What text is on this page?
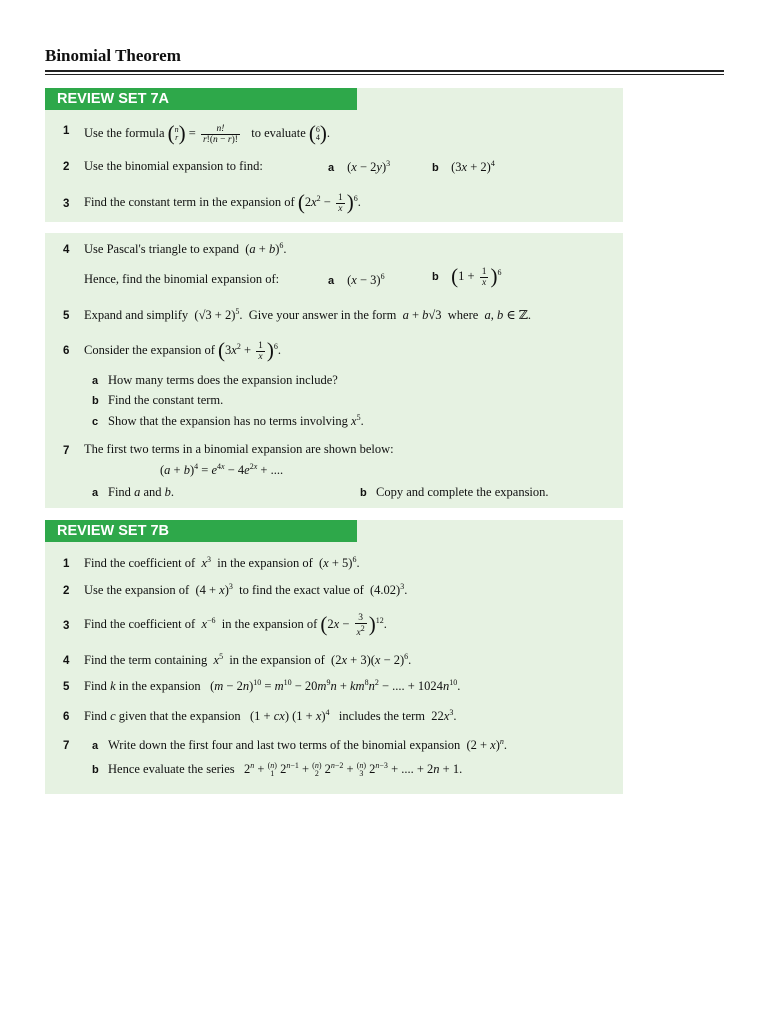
Binomial Theorem
REVIEW SET 7A
REVIEW SET 7B
1 Use the formula (n
$r) = \frac{n!}{r!(n - r)!}$ to evaluate (6
4).
2 Use the binomial expansion to find:	a $(x - 2y)^3$	b $(3x + 2)^4$
3 Find the constant term in the expansion of $(2x^2 - \frac{1}{x} )^6$.
4 Use Pascal's triangle to expand  $(a + b)^6$.
Hence, find the binomial expansion of:	a $(x - 3)^6$	b $(1 + \frac{1}{x} )^6$
5 Expand and simplify  $(√3 + 2)^5$.  Give your answer in the form a + b√3  where a, b ∈ ℤ.
6 Consider the expansion of $(3x^2 + \frac{1}{x} )^6$.
a How many terms does the expansion include?
b Find the constant term.
c Show that the expansion has no terms involving $x^5$.
7 The first two terms in a binomial expansion are shown below:
$(a + b)^4 = e^{4x} - 4e^{2x}$ + ....
a Find a and b.	b Copy and complete the expansion.
1 Find the coefficient of $x^3$ in the expansion of  $(x + 5)^6$.
2 Use the expansion of  $(4 + x)^3$ to find the exact value of  $(4.02)^3$.
3 Find the coefficient of $x^{-6}$ in the expansion of $(2x - \frac{3}{x^2} )^{12}$.
4 Find the term containing $x^5$ in the expansion of  $(2x + 3)(x - 2)^6$.
5 Find k in the expansion   $(m - 2n)^{10} = m^{10} - 20m^9n + km^8n^2$ − .... + $1024n^{10}$.
6 Find c given that the expansion   (1 + cx) $(1 + x)^4$ includes the term  $22x^3$.
7 a Write down the first four and last two terms of the binomial expansion  $(2 + x)^n$.
b Hence evaluate the series   $2^n + (n)$
1 $2^{n-1} + (n)$
2 $2^{n-2} + (n)$
3 $2^{n-3}$ + .... + 2n + 1.
